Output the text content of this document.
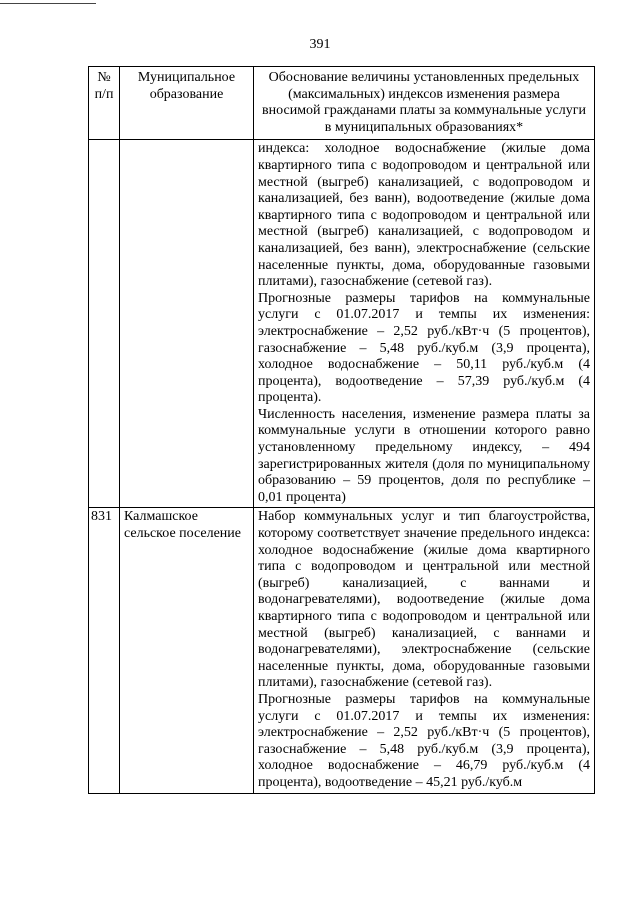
391
№ п/п	Муниципальное образование	Обоснование величины установленных предельных (максимальных) индексов изменения размера вносимой гражданами платы за коммунальные услуги в муниципальных образованиях*

		индекса: холодное водоснабжение (жилые дома квартирного типа с водопроводом и центральной или местной (выгреб) канализацией, с водопроводом и канализацией, без ванн), водоотведение (жилые дома квартирного типа с водопроводом и центральной или местной (выгреб) канализацией, с водопроводом и канализацией, без ванн), электроснабжение (сельские населенные пункты, дома, оборудованные газовыми плитами), газоснабжение (сетевой газ).

Прогнозные размеры тарифов на коммунальные услуги с 01.07.2017 и темпы их изменения: электроснабжение – 2,52 руб./кВт·ч (5 процентов), газоснабжение – 5,48 руб./куб.м (3,9 процента), холодное водоснабжение – 50,11 руб./куб.м (4 процента), водоотведение – 57,39 руб./куб.м (4 процента).

Численность населения, изменение размера платы за коммунальные услуги в отношении которого равно установленному предельному индексу, – 494 зарегистрированных жителя (доля по муниципальному образованию – 59 процентов, доля по республике – 0,01 процента)

831	Калмашское сельское поселение	Набор коммунальных услуг и тип благоустройства, которому соответствует значение предельного индекса: холодное водоснабжение (жилые дома квартирного типа с водопроводом и центральной или местной (выгреб) канализацией, с ваннами и водонагревателями), водоотведение (жилые дома квартирного типа с водопроводом и центральной или местной (выгреб) канализацией, с ваннами и водонагревателями), электроснабжение (сельские населенные пункты, дома, оборудованные газовыми плитами), газоснабжение (сетевой газ).

Прогнозные размеры тарифов на коммунальные услуги с 01.07.2017 и темпы их изменения: электроснабжение – 2,52 руб./кВт·ч (5 процентов), газоснабжение – 5,48 руб./куб.м (3,9 процента), холодное водоснабжение – 46,79 руб./куб.м (4 процента), водоотведение – 45,21 руб./куб.м
